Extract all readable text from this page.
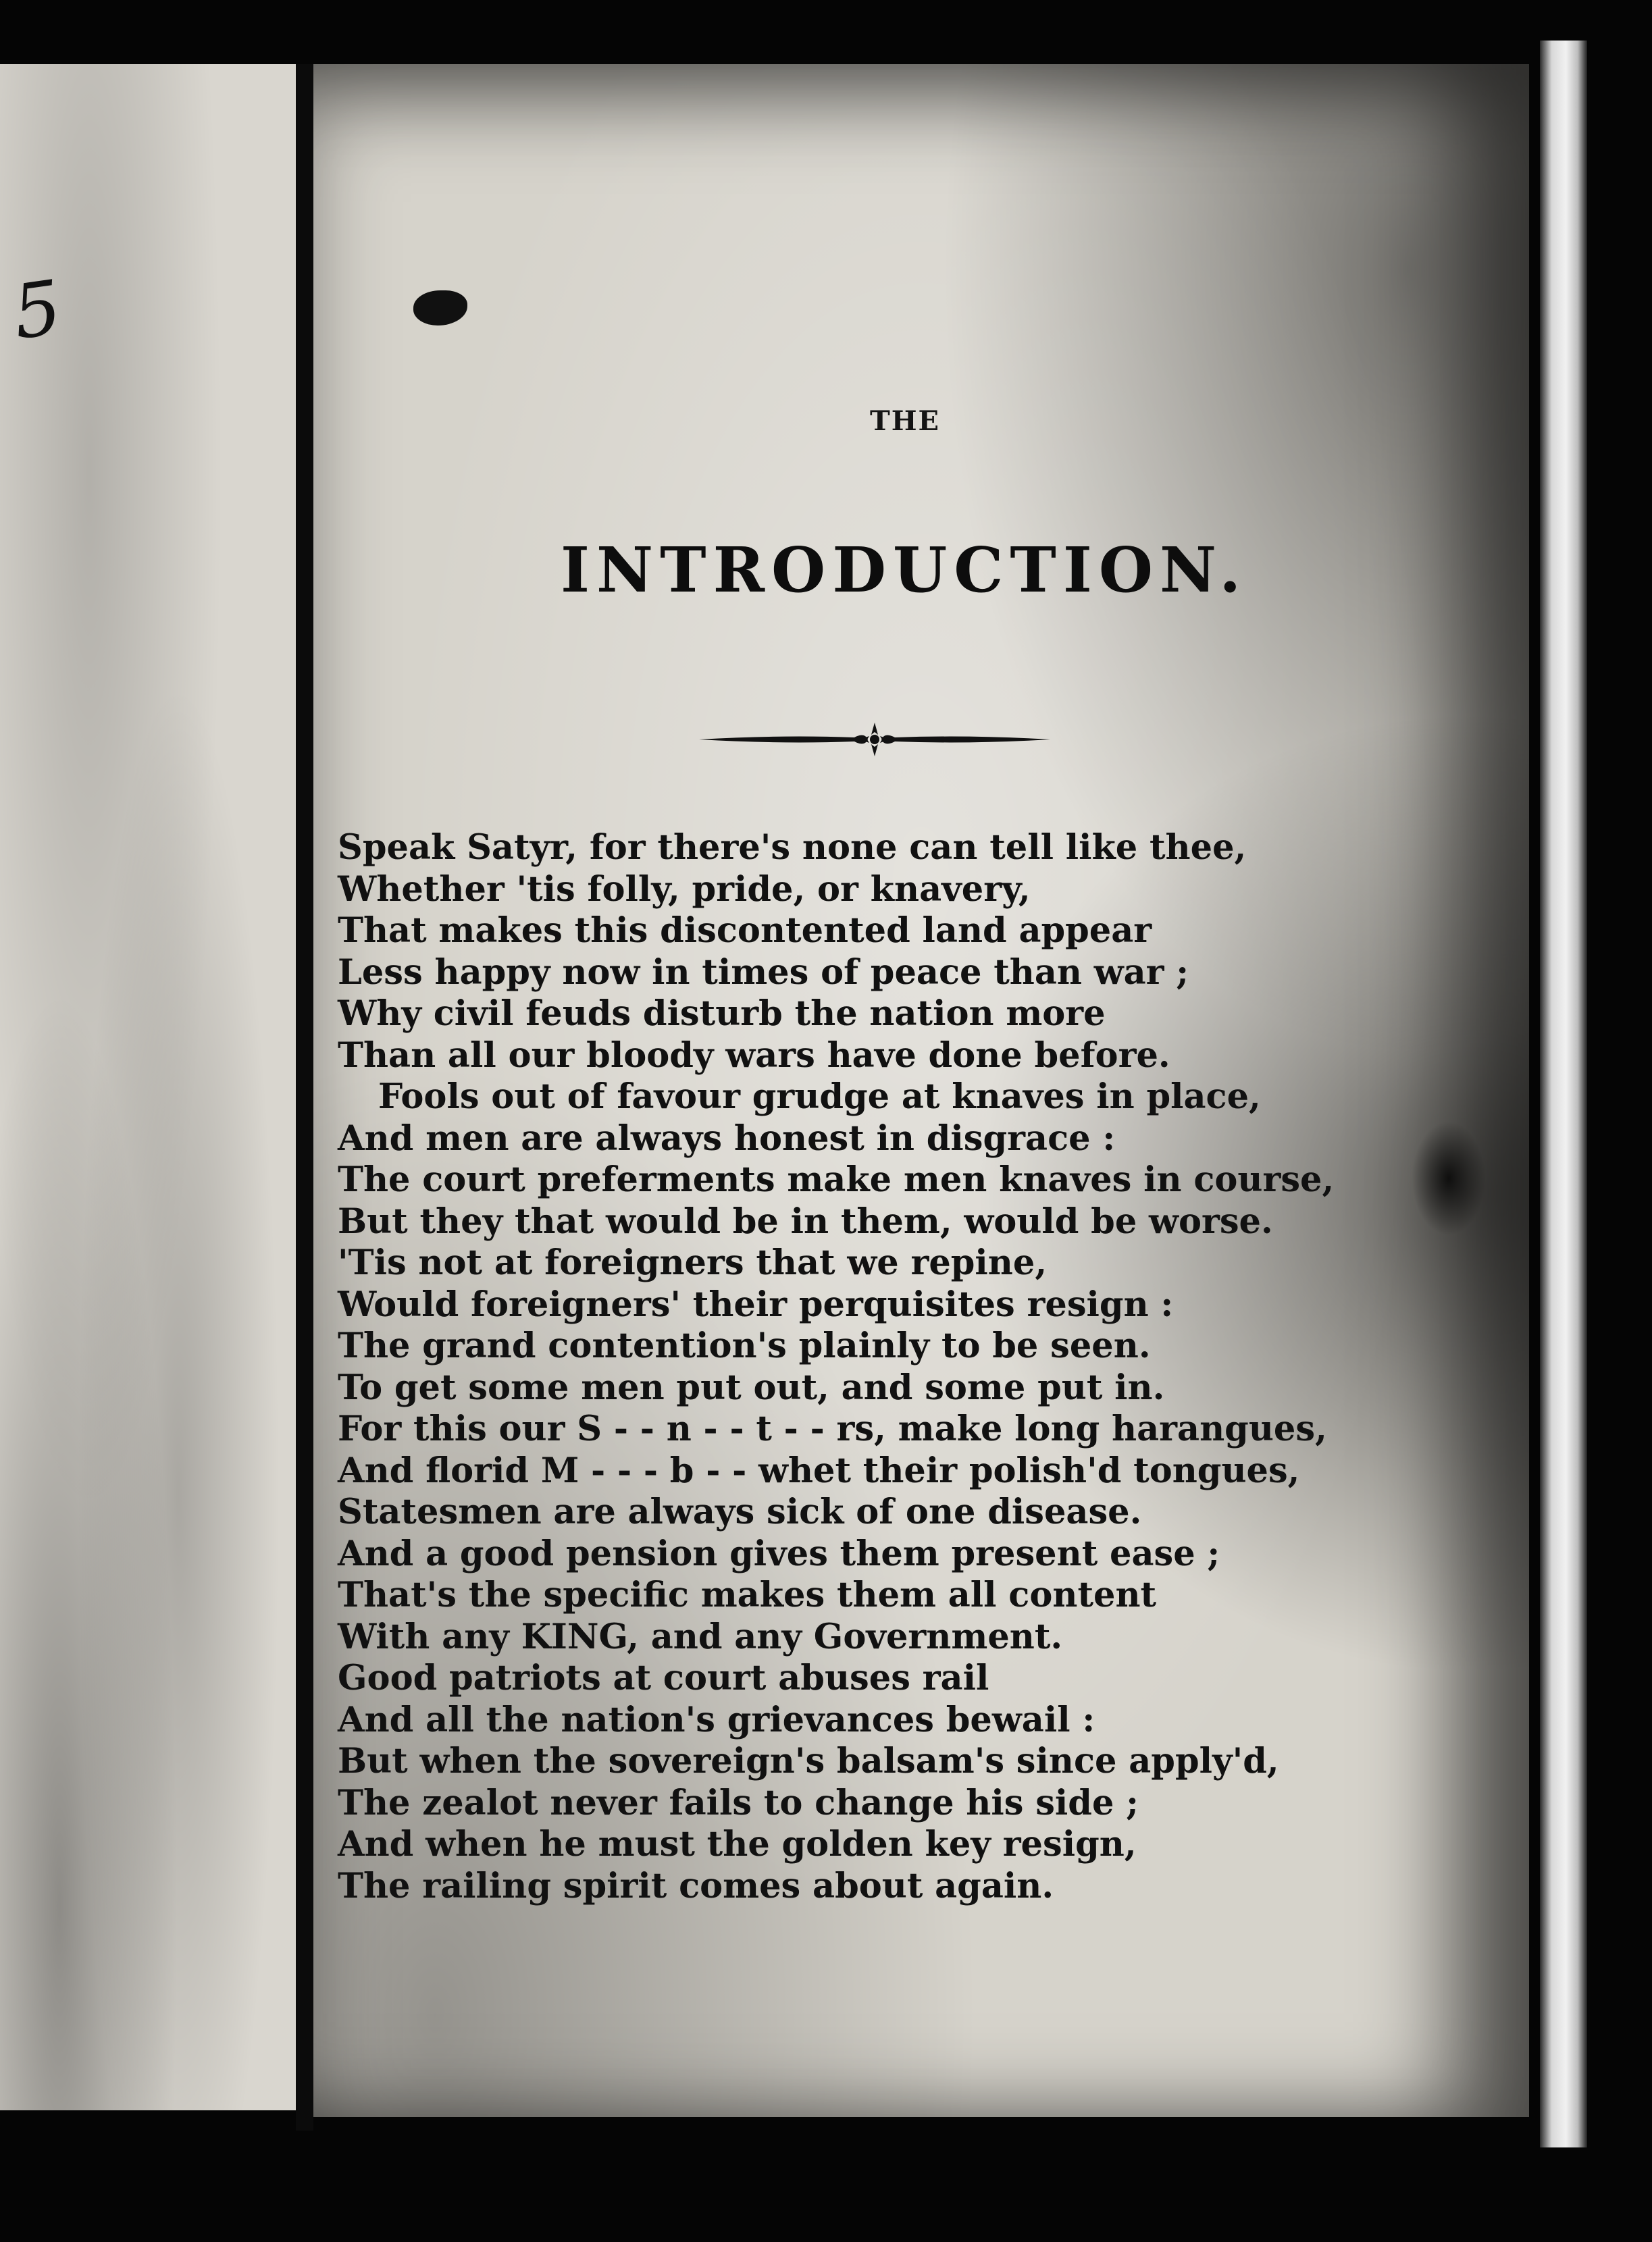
5
THE
INTRODUCTION.
Speak Satyr, for there's none can tell like thee,
Whether 'tis folly, pride, or knavery,
That makes this discontented land appear
Less happy now in times of peace than war ;
Why civil feuds disturb the nation more
Than all our bloody wars have done before.
Fools out of favour grudge at knaves in place,
And men are always honest in disgrace :
The court preferments make men knaves in course,
But they that would be in them, would be worse.
'Tis not at foreigners that we repine,
Would foreigners' their perquisites resign :
The grand contention's plainly to be seen.
To get some men put out, and some put in.
For this our S - - n - - t - - rs, make long harangues,
And florid M - - - b - - whet their polish'd tongues,
Statesmen are always sick of one disease.
And a good pension gives them present ease ;
That's the specific makes them all content
With any KING, and any Government.
Good patriots at court abuses rail
And all the nation's grievances bewail :
But when the sovereign's balsam's since apply'd,
The zealot never fails to change his side ;
And when he must the golden key resign,
The railing spirit comes about again.
